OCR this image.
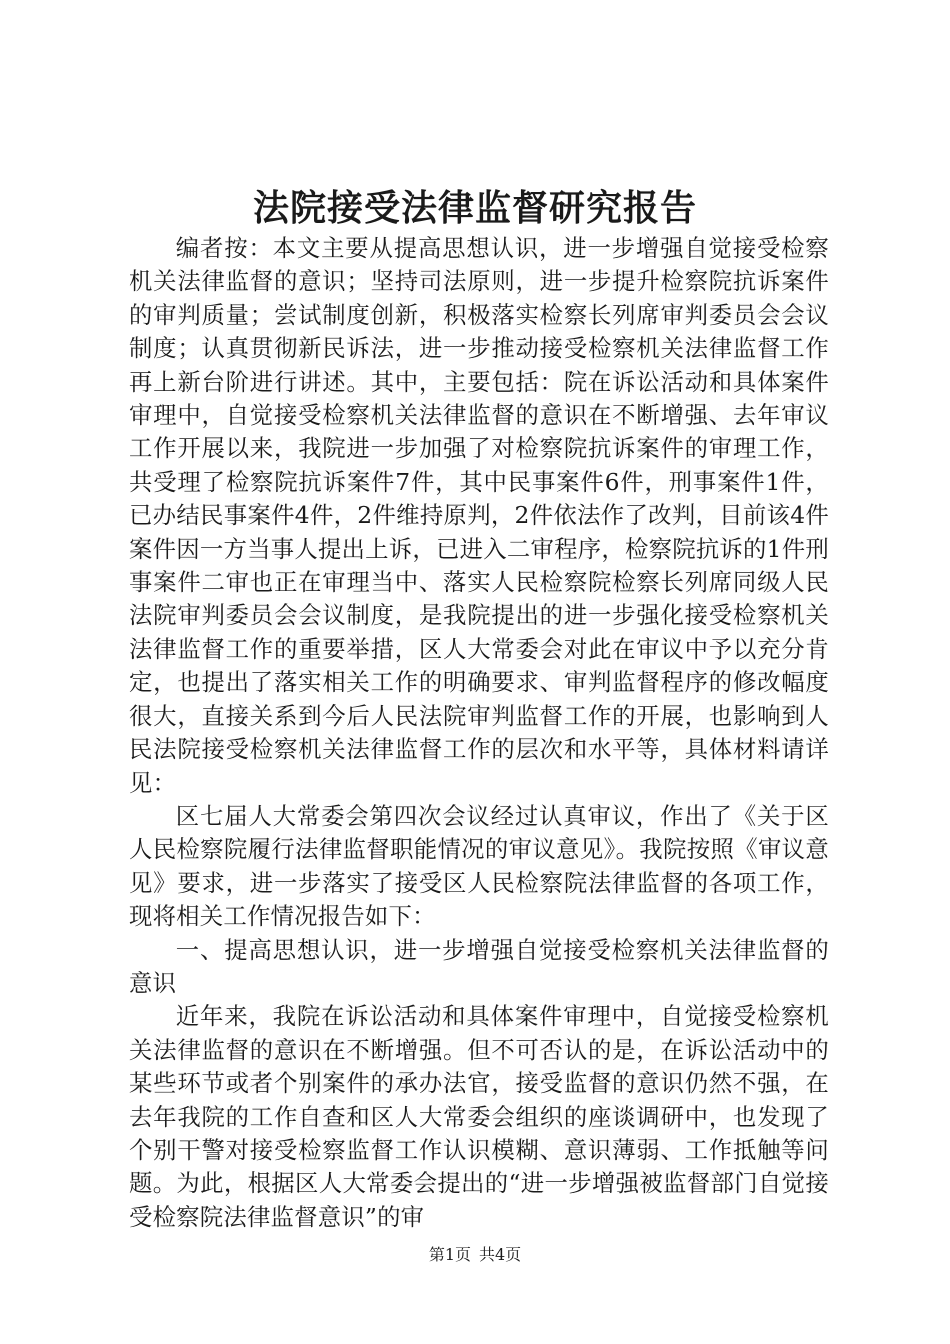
法院接受法律监督研究报告

编者按：本文主要从提高思想认识，进一步增强自觉接受检察机关法律监督的意识；坚持司法原则，进一步提升检察院抗诉案件的审判质量；尝试制度创新，积极落实检察长列席审判委员会会议制度；认真贯彻新民诉法，进一步推动接受检察机关法律监督工作再上新台阶进行讲述。其中，主要包括：院在诉讼活动和具体案件审理中，自觉接受检察机关法律监督的意识在不断增强、去年审议工作开展以来，我院进一步加强了对检察院抗诉案件的审理工作，共受理了检察院抗诉案件7件，其中民事案件6件，刑事案件1件，已办结民事案件4件，2件维持原判，2件依法作了改判，目前该4件案件因一方当事人提出上诉，已进入二审程序，检察院抗诉的1件刑事案件二审也正在审理当中、落实人民检察院检察长列席同级人民法院审判委员会会议制度，是我院提出的进一步强化接受检察机关法律监督工作的重要举措，区人大常委会对此在审议中予以充分肯定，也提出了落实相关工作的明确要求、审判监督程序的修改幅度很大，直接关系到今后人民法院审判监督工作的开展，也影响到人民法院接受检察机关法律监督工作的层次和水平等，具体材料请详见：

区七届人大常委会第四次会议经过认真审议，作出了《关于区人民检察院履行法律监督职能情况的审议意见》。我院按照《审议意见》要求，进一步落实了接受区人民检察院法律监督的各项工作，现将相关工作情况报告如下：

一、提高思想认识，进一步增强自觉接受检察机关法律监督的意识

近年来，我院在诉讼活动和具体案件审理中，自觉接受检察机关法律监督的意识在不断增强。但不可否认的是，在诉讼活动中的某些环节或者个别案件的承办法官，接受监督的意识仍然不强，在去年我院的工作自查和区人大常委会组织的座谈调研中，也发现了个别干警对接受检察监督工作认识模糊、意识薄弱、工作抵触等问题。为此，根据区人大常委会提出的“进一步增强被监督部门自觉接受检察院法律监督意识”的审

第1页 共4页
